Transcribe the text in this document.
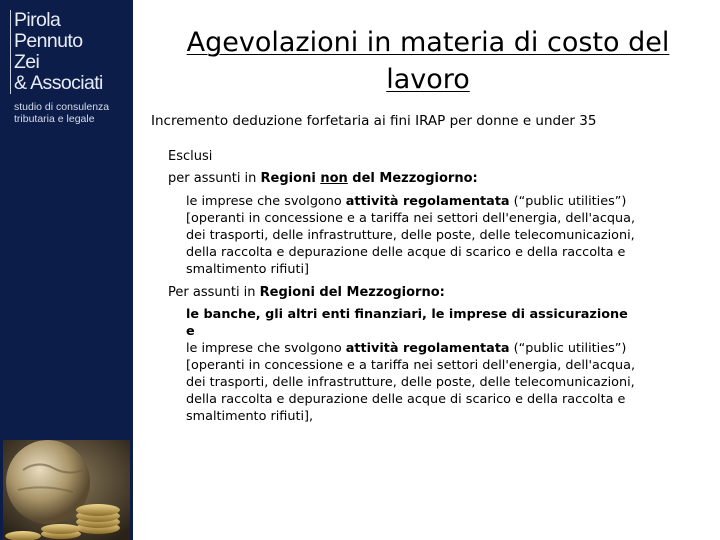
Pirola
Pennuto
Zei
& Associati
studio di consulenza
tributaria e legale
Agevolazioni in materia di costo del
lavoro
Incremento deduzione forfetaria ai fini IRAP per donne e under 35
Esclusi
per assunti in Regioni non del Mezzogiorno:
le imprese che svolgono attività regolamentata (“public utilities”)
[operanti in concessione e a tariffa nei settori dell'energia, dell'acqua,
dei trasporti, delle infrastrutture, delle poste, delle telecomunicazioni,
della raccolta e depurazione delle acque di scarico e della raccolta e
smaltimento rifiuti]
Per assunti in Regioni del Mezzogiorno:
le banche, gli altri enti finanziari, le imprese di assicurazione
e
le imprese che svolgono attività regolamentata (“public utilities”)
[operanti in concessione e a tariffa nei settori dell'energia, dell'acqua,
dei trasporti, delle infrastrutture, delle poste, delle telecomunicazioni,
della raccolta e depurazione delle acque di scarico e della raccolta e
smaltimento rifiuti],
